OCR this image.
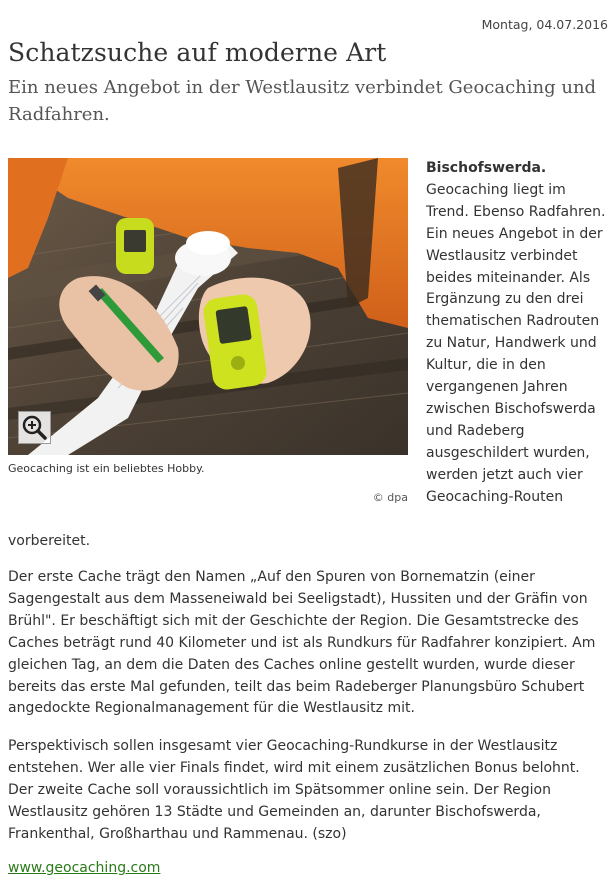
Montag, 04.07.2016
Schatzsuche auf moderne Art

Ein neues Angebot in der Westlausitz verbindet Geocaching und Radfahren.

Geocaching ist ein beliebtes Hobby.
© dpa
Bischofswerda. Geocaching liegt im Trend. Ebenso Radfahren. Ein neues Angebot in der Westlausitz verbindet beides miteinander. Als Ergänzung zu den drei thematischen Radrouten zu Natur, Handwerk und Kultur, die in den vergangenen Jahren zwischen Bischofswerda und Radeberg ausgeschildert wurden, werden jetzt auch vier Geocaching-Routen
vorbereitet.

Der erste Cache trägt den Namen „Auf den Spuren von Bornematzin (einer Sagengestalt aus dem Masseneiwald bei Seeligstadt), Hussiten und der Gräfin von Brühl". Er beschäftigt sich mit der Geschichte der Region. Die Gesamtstrecke des Caches beträgt rund 40 Kilometer und ist als Rundkurs für Radfahrer konzipiert. Am gleichen Tag, an dem die Daten des Caches online gestellt wurden, wurde dieser bereits das erste Mal gefunden, teilt das beim Radeberger Planungsbüro Schubert angedockte Regionalmanagement für die Westlausitz mit.

Perspektivisch sollen insgesamt vier Geocaching-Rundkurse in der Westlausitz entstehen. Wer alle vier Finals findet, wird mit einem zusätzlichen Bonus belohnt. Der zweite Cache soll voraussichtlich im Spätsommer online sein. Der Region Westlausitz gehören 13 Städte und Gemeinden an, darunter Bischofswerda, Frankenthal, Großharthau und Rammenau. (szo)

www.geocaching.com
